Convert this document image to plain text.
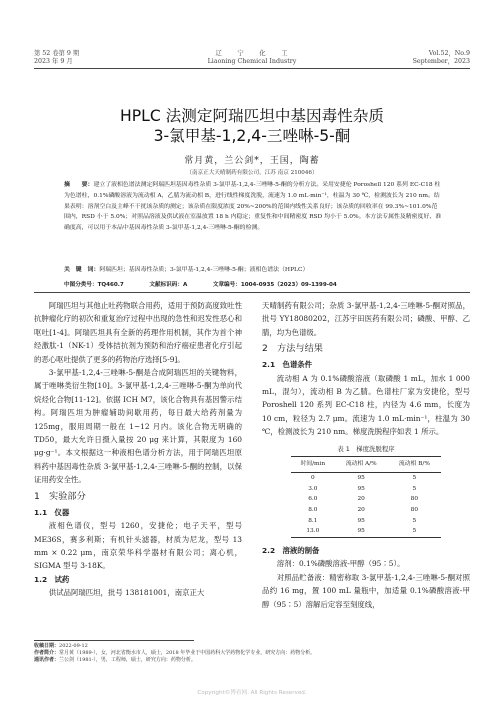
第 52 卷第 9 期
2023 年 9 月
辽　　宁　　化　　工
Liaoning Chemical Industry
Vol.52，No.9
September，2023
HPLC 法测定阿瑞匹坦中基因毒性杂质
3-氯甲基-1,2,4-三唑啉-5-酮
常月黄，兰公剑*，王国，陶蓄
（南京正大天晴制药有限公司，江苏 南京 210046）
摘　　要：建立了液相色谱法测定阿瑞匹坦基因毒性杂质 3-氯甲基-1,2,4-三唑啉-5-酮的分析方法。采用安捷伦 Poroshell 120 系列 EC-C18 柱为色谱柱，0.1%磷酸溶液为流动相 A，乙腈为流动相 B，进行线性梯度洗脱，流速为 1.0 mL·min⁻¹，柱温为 30 ℃，检测波长为 210 nm。结果表明：溶剂空白及主峰不干扰该杂质的测定；该杂质在限度浓度 20%~200%的范围内线性关系良好；该杂质的回收率在 99.3%~101.0%范围内，RSD 小于 5.0%；对照品溶液及供试液在室温放置 18 h 内稳定；重复性和中间精密度 RSD 均小于 5.0%。本方法专属性及精密度好、准确度高，可以用于本品中基因毒性杂质 3-氯甲基-1,2,4-三唑啉-5-酮的检测。
关　键　词：阿瑞匹坦；基因毒性杂质；3-氯甲基-1,2,4-三唑啉-5-酮；液相色谱法（HPLC）
中图分类号：TQ460.7	文献标识码：A	文章编号：1004-0935（2023）09-1399-04

阿瑞匹坦与其他止吐药物联合用药，适用于预防高度致吐性抗肿瘤化疗的初次和重复治疗过程中出现的急性和迟发性恶心和呕吐[1-4]。阿瑞匹坦具有全新的药理作用机制，其作为首个神经激肽-1（NK-1）受体拮抗剂为预防和治疗癌症患者化疗引起的恶心呕吐提供了更多的药物治疗选择[5-9]。

3-氯甲基-1,2,4-三唑啉-5-酮是合成阿瑞匹坦的关键物料，属于唑啉类衍生物[10]。3-氯甲基-1,2,4-三唑啉-5-酮为单向代烷烃化合物[11-12]。依据 ICH M7，该化合物具有基因警示结构。阿瑞匹坦为肿瘤辅助间歇用药，每日最大给药剂量为 125mg，服用周期一般在 1~12 月内。该化合物无明确的 TD50，最大允许日摄入量按 20 μg 来计算，其限度为 160 μg·g⁻¹。本文根据这一种液相色谱分析方法，用于阿瑞匹坦原料药中基因毒性杂质 3-氯甲基-1,2,4-三唑啉-5-酮的控制，以保证用药安全性。

1　实验部分
1.1　仪器

液相色谱仪，型号 1260，安捷伦；电子天平，型号 ME36S，赛多利斯；有机针头滤器，材质为尼龙，型号 13 mm × 0.22 μm，南京荣华科学器材有限公司；离心机，SIGMA 型号 3-18K。

1.2　试药

供试品阿瑞匹坦，批号 138181001，南京正大

天晴制药有限公司；杂质 3-氯甲基-1,2,4-三唑啉-5-酮对照品，批号 YY18080202，江苏宇田医药有限公司；磷酸、甲醇、乙腈，均为色谱级。

2　方法与结果
2.1　色谱条件

流动相 A 为 0.1%磷酸溶液（取磷酸 1 mL，加水 1 000 mL，混匀），流动相 B 为乙腈。色谱柱厂家为安捷伦，型号 Poroshell 120 系列 EC-C18 柱，内径为 4.6 mm，长度为 10 cm，粒径为 2.7 μm。流速为 1.0 mL·min⁻¹，柱温为 30 ℃，检测波长为 210 nm。梯度洗脱程序如表 1 所示。

表 1　梯度洗脱程序
时间/min	流动相 A/%	流动相 B/%
0	95	5
3.0	95	5
6.0	20	80
8.0	20	80
8.1	95	5
13.0	95	5
2.2　溶液的制备

溶剂：0.1%磷酸溶液-甲醇（95∶5）。

对照品贮备液：精密称取 3-氯甲基-1,2,4-三唑啉-5-酮对照品约 16 mg，置 100 mL 量瓶中，加适量 0.1%磷酸溶液-甲醇（95∶5）溶解后定容至刻度线，

收稿日期：2022-09-12
作者简介：常月黄（1989-），女，河北省衡水市人，硕士，2018 年毕业于中国药科大学药物化学专业，研究方向：药物分析。
通讯作者：兰公剑（1981-），男，工程师，硕士，研究方向：药物分析。
Copyright©博看网. All Rights Reserved.
